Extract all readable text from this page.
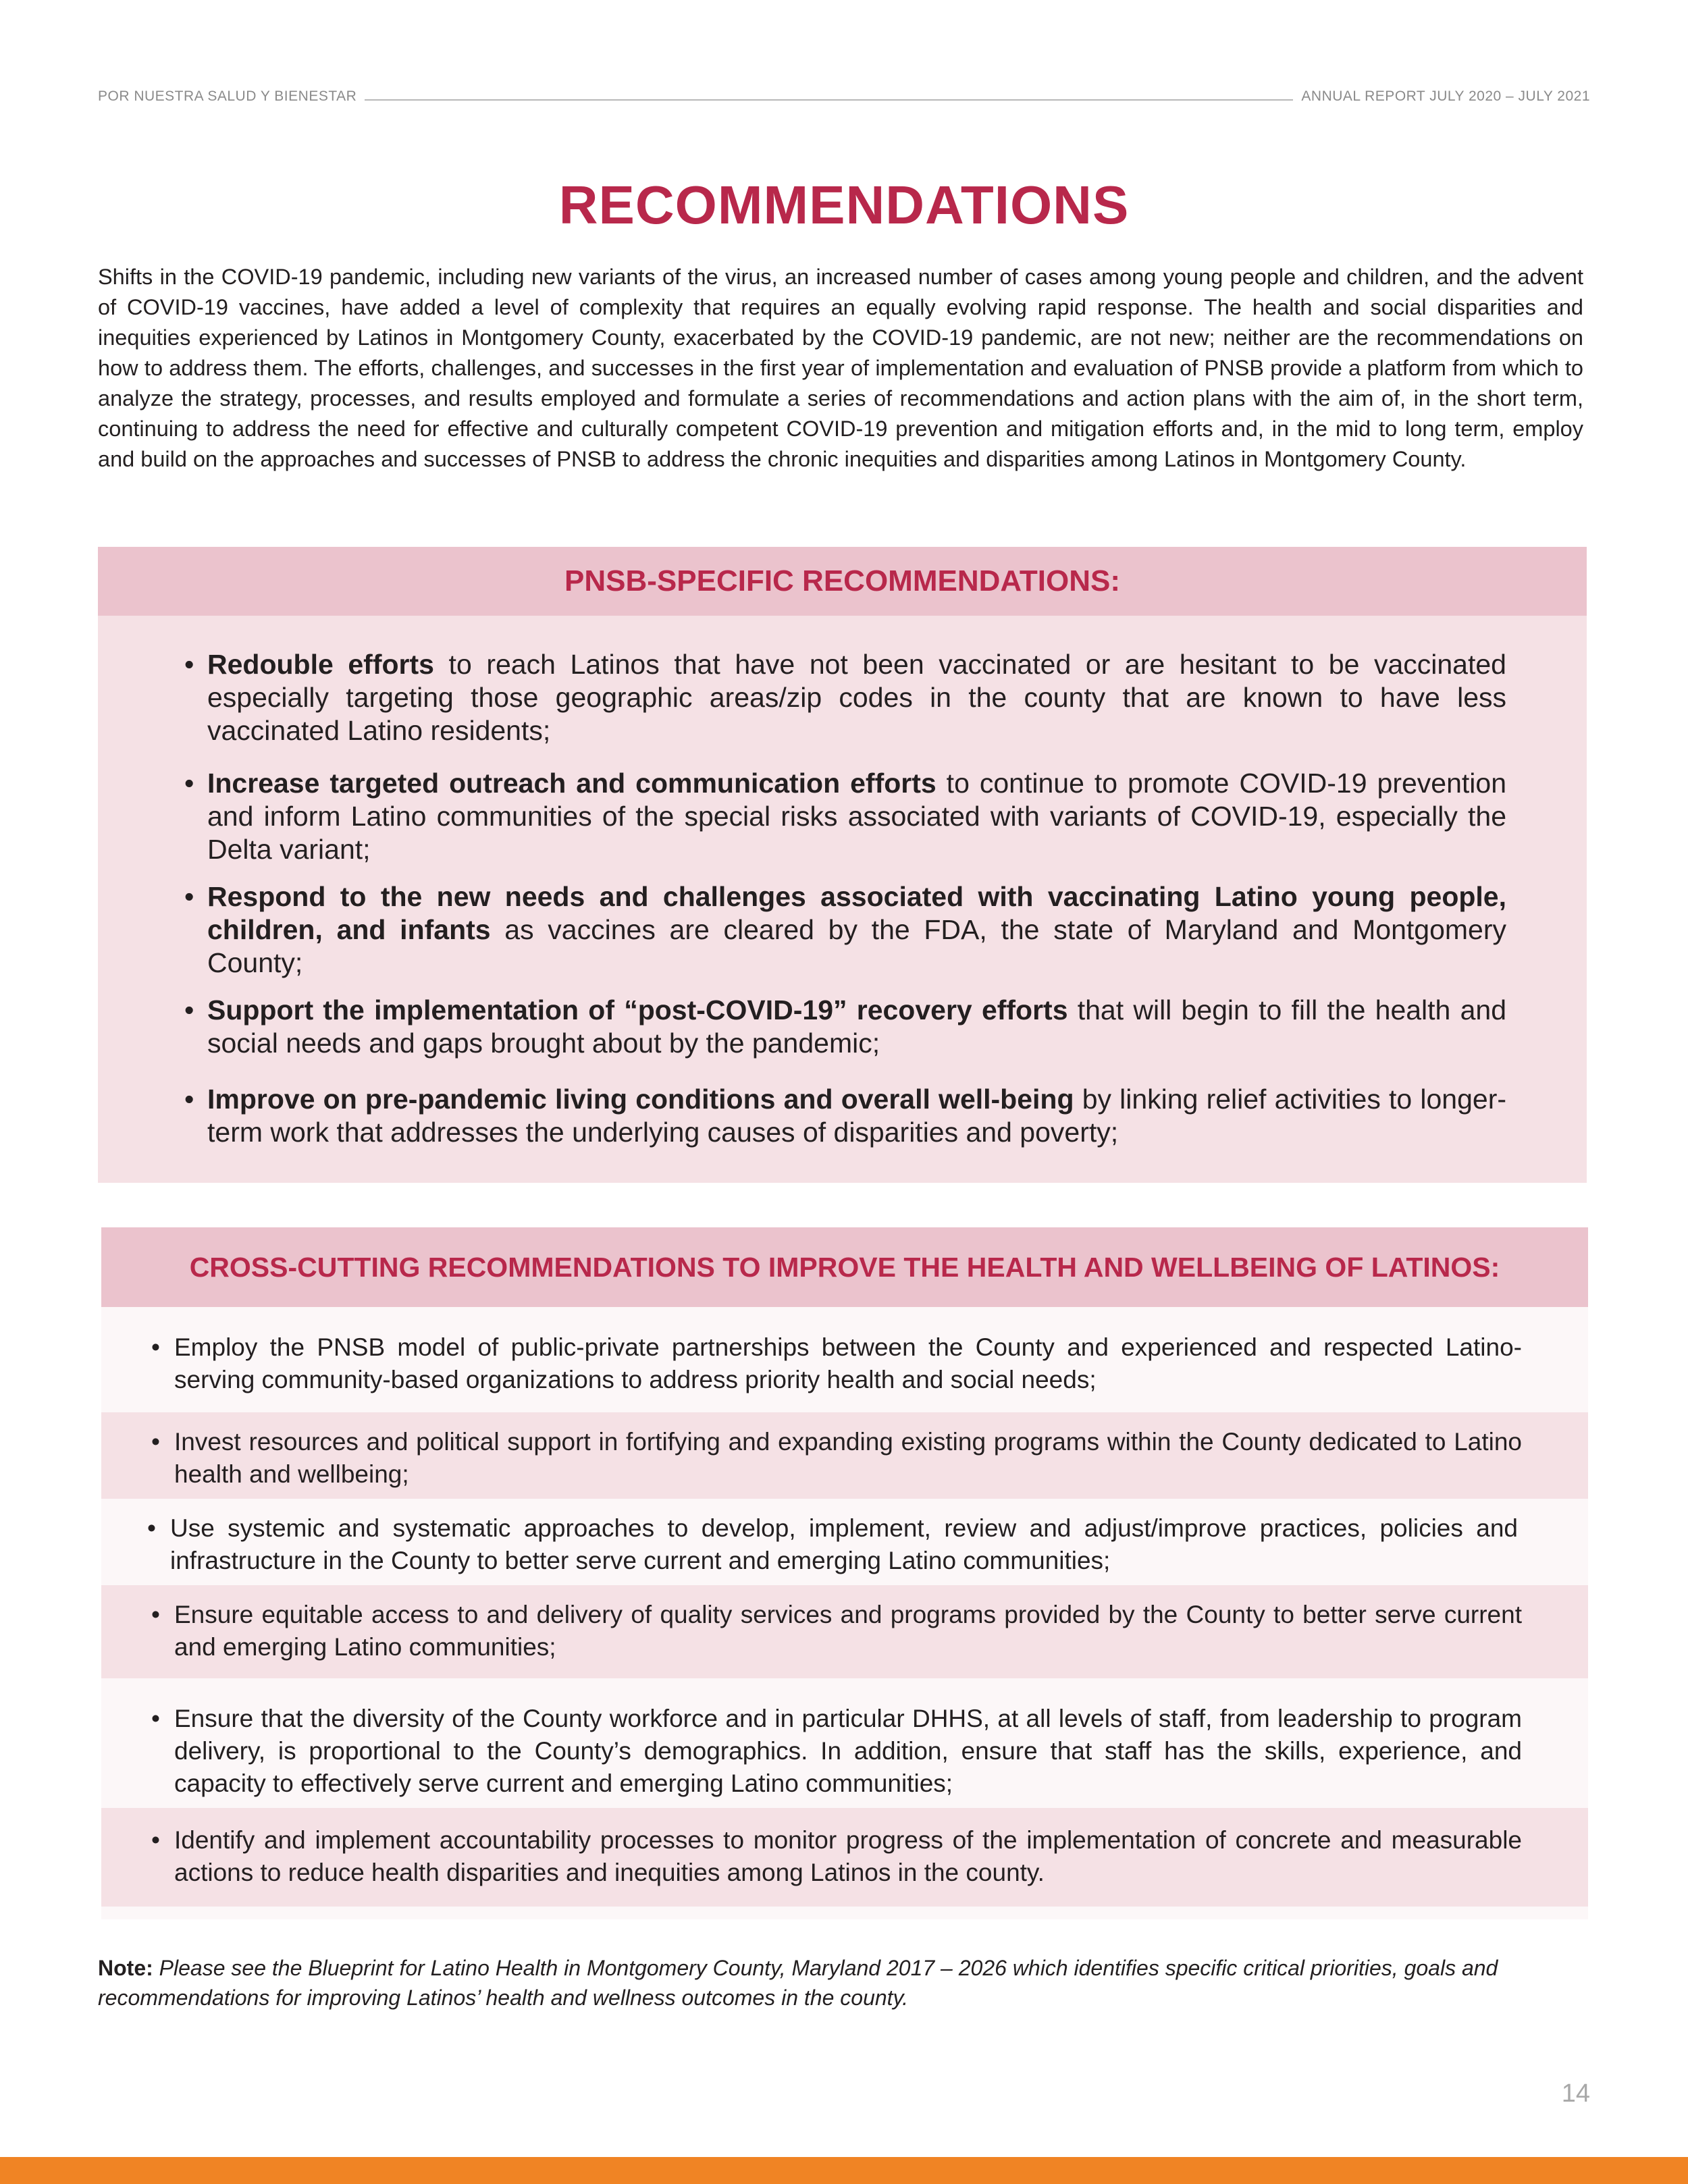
POR NUESTRA SALUD Y BIENESTAR	ANNUAL REPORT JULY 2020 – JULY 2021
RECOMMENDATIONS

Shifts in the COVID-19 pandemic, including new variants of the virus, an increased number of cases among young people and children, and the advent of COVID-19 vaccines, have added a level of complexity that requires an equally evolving rapid response. The health and social disparities and inequities experienced by Latinos in Montgomery County, exacerbated by the COVID-19 pandemic, are not new; neither are the recommendations on how to address them. The efforts, challenges, and successes in the first year of implementation and evaluation of PNSB provide a platform from which to analyze the strategy, processes, and results employed and formulate a series of recommendations and action plans with the aim of, in the short term, continuing to address the need for effective and culturally competent COVID-19 prevention and mitigation efforts and, in the mid to long term, employ and build on the approaches and successes of PNSB to address the chronic inequities and disparities among Latinos in Montgomery County.

PNSB-SPECIFIC RECOMMENDATIONS:
• Redouble efforts to reach Latinos that have not been vaccinated or are hesitant to be vaccinated especially targeting those geographic areas/zip codes in the county that are known to have less vaccinated Latino residents;
• Increase targeted outreach and communication efforts to continue to promote COVID-19 prevention and inform Latino communities of the special risks associated with variants of COVID-19, especially the Delta variant;
• Respond to the new needs and challenges associated with vaccinating Latino young people, children, and infants as vaccines are cleared by the FDA, the state of Maryland and Montgomery County;
• Support the implementation of “post-COVID-19” recovery efforts that will begin to fill the health and social needs and gaps brought about by the pandemic;
• Improve on pre-pandemic living conditions and overall well-being by linking relief activities to longer-term work that addresses the underlying causes of disparities and poverty;
CROSS-CUTTING RECOMMENDATIONS TO IMPROVE THE HEALTH AND WELLBEING OF LATINOS:
• Employ the PNSB model of public-private partnerships between the County and experienced and respected Latino-serving community-based organizations to address priority health and social needs;
• Invest resources and political support in fortifying and expanding existing programs within the County dedicated to Latino health and wellbeing;
• Use systemic and systematic approaches to develop, implement, review and adjust/improve practices, policies and infrastructure in the County to better serve current and emerging Latino communities;
• Ensure equitable access to and delivery of quality services and programs provided by the County to better serve current and emerging Latino communities;
• Ensure that the diversity of the County workforce and in particular DHHS, at all levels of staff, from leadership to program delivery, is proportional to the County’s demographics. In addition, ensure that staff has the skills, experience, and capacity to effectively serve current and emerging Latino communities;
• Identify and implement accountability processes to monitor progress of the implementation of concrete and measurable actions to reduce health disparities and inequities among Latinos in the county.

Note: Please see the Blueprint for Latino Health in Montgomery County, Maryland 2017 – 2026 which identifies specific critical priorities, goals and recommendations for improving Latinos’ health and wellness outcomes in the county.

14
